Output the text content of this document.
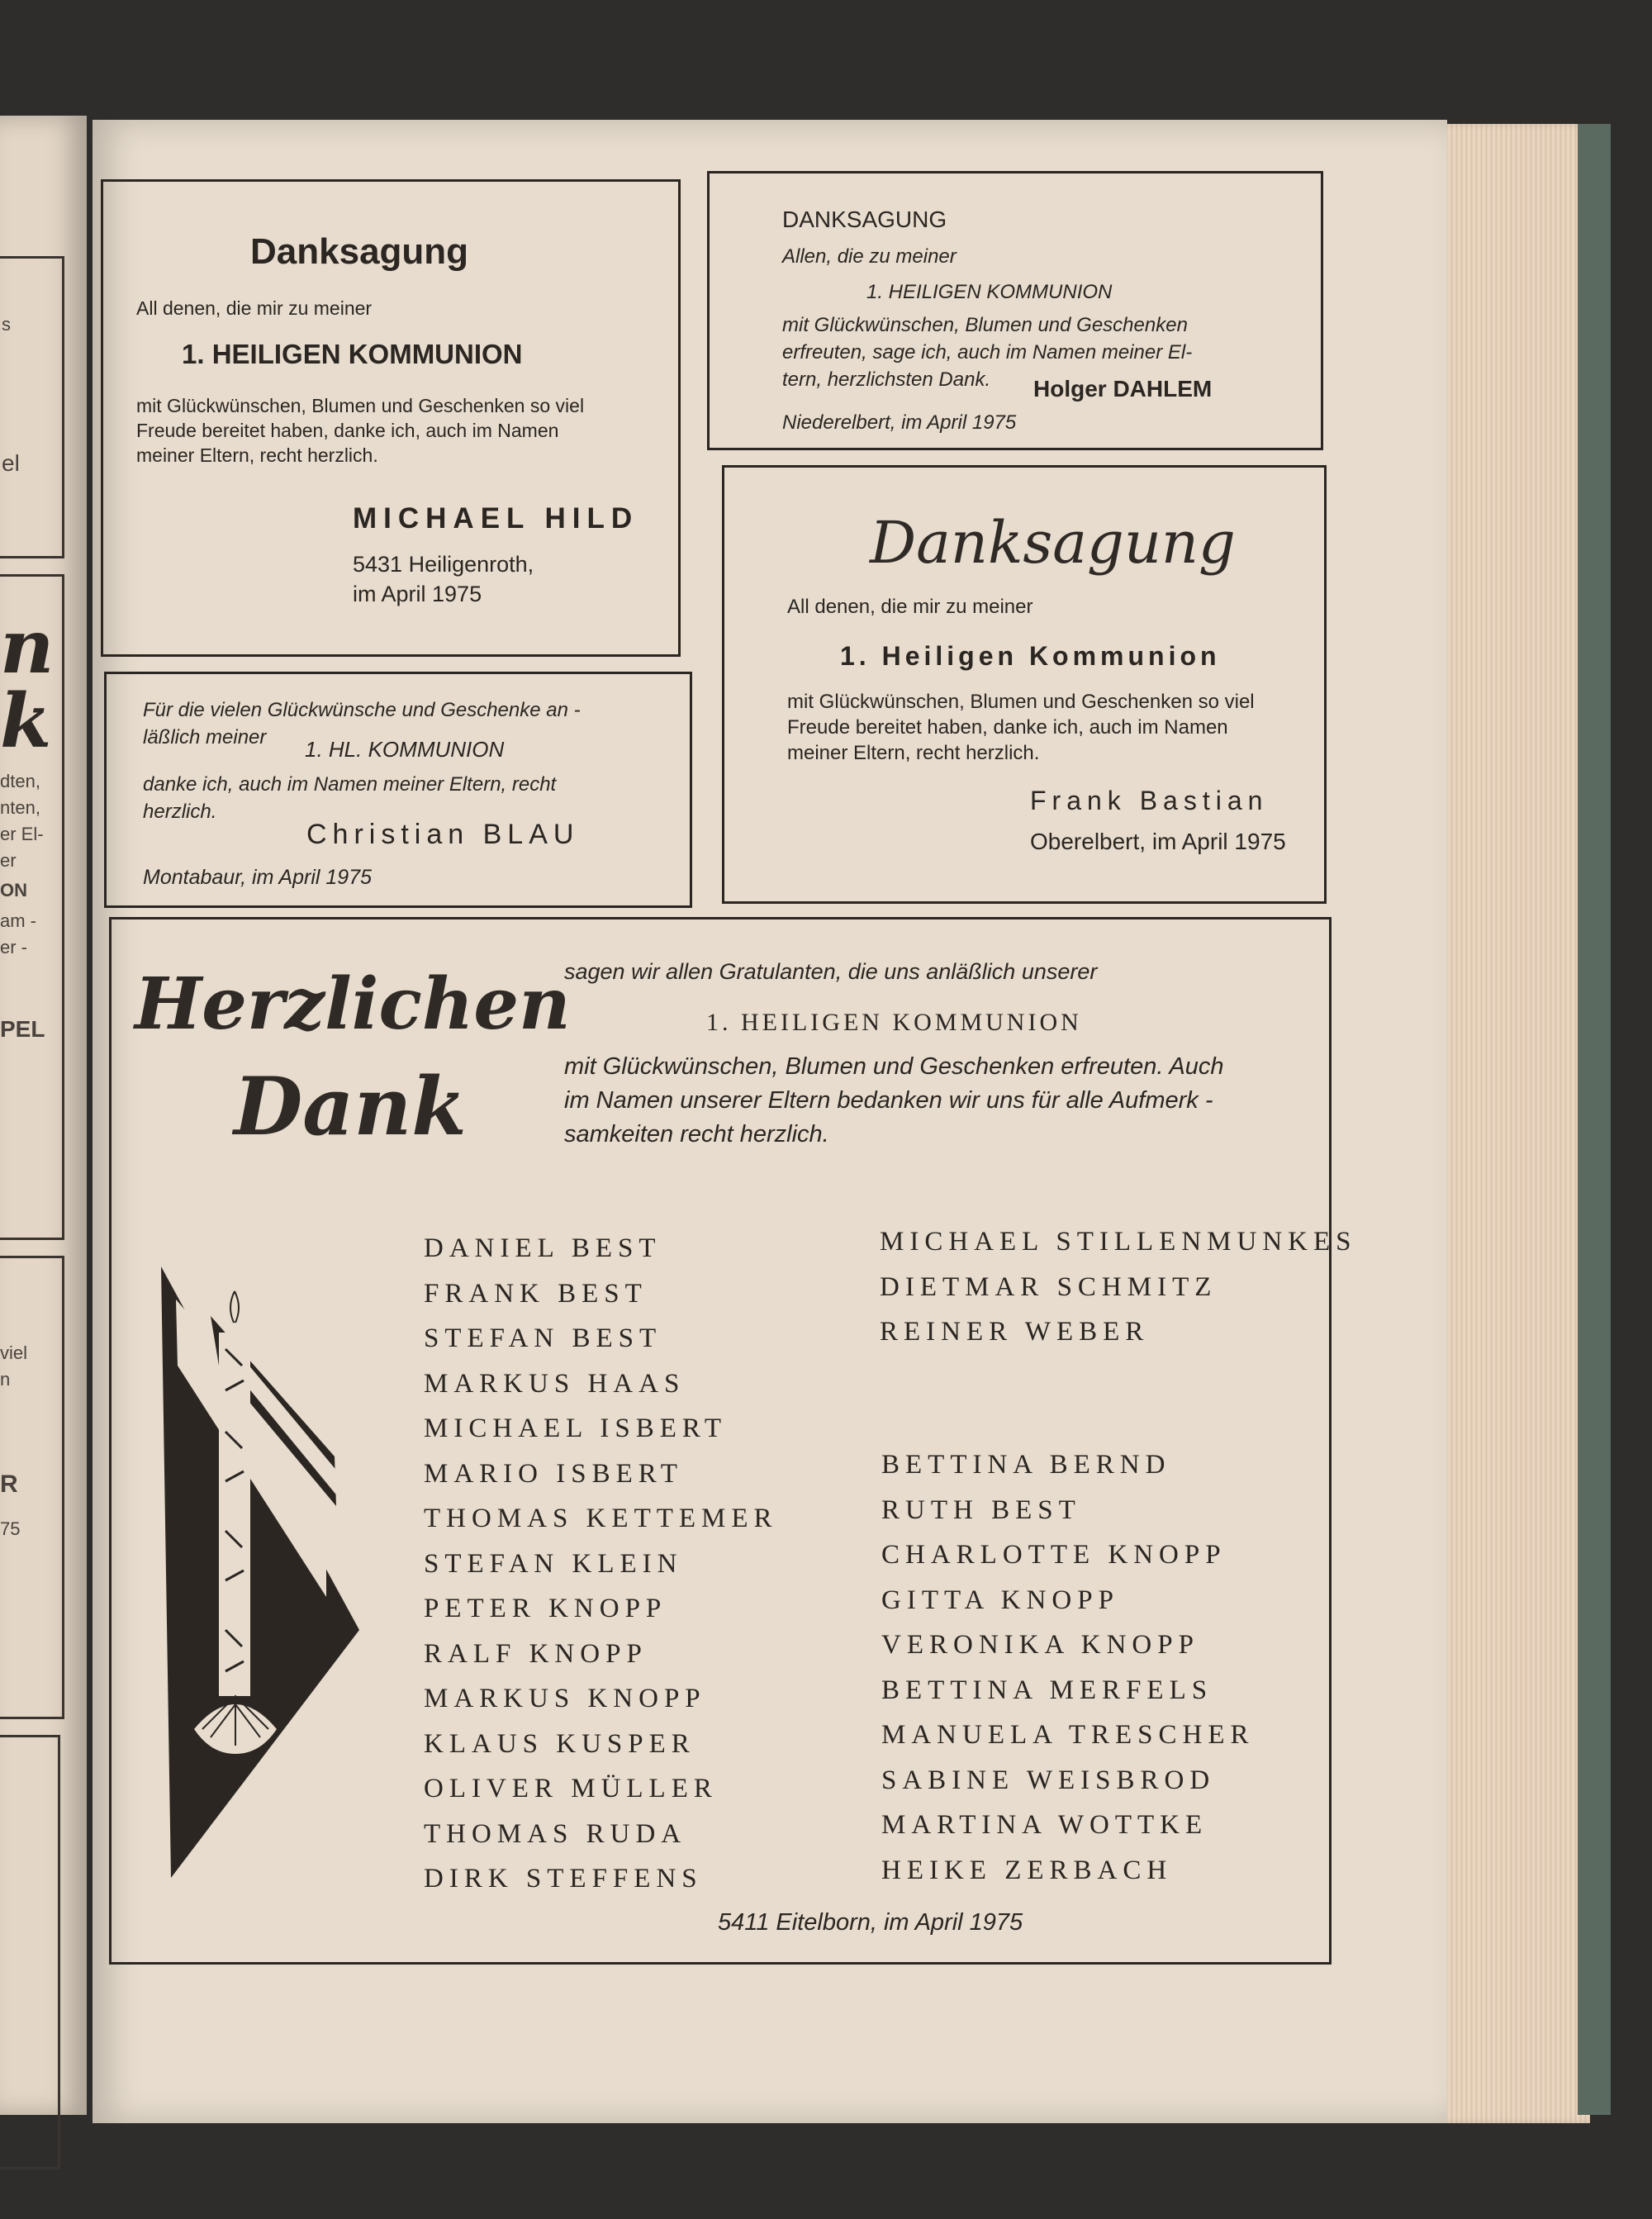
s
el
n
k
dten,
nten,
er El-
er
ON
am -
er -
PEL
viel
n
R
75
Danksagung
All denen, die mir zu meiner
1. HEILIGEN KOMMUNION
mit Glückwünschen, Blumen und Geschenken so viel
Freude bereitet haben, danke ich, auch im Namen
meiner Eltern, recht herzlich.
MICHAEL HILD
5431 Heiligenroth,
im April 1975
DANKSAGUNG
Allen, die zu meiner
1. HEILIGEN KOMMUNION
mit Glückwünschen, Blumen und Geschenken
erfreuten, sage ich, auch im Namen meiner El-
tern, herzlichsten Dank. Holger DAHLEM
Niederelbert, im April 1975
Danksagung
All denen, die mir zu meiner
1. Heiligen Kommunion
mit Glückwünschen, Blumen und Geschenken so viel
Freude bereitet haben, danke ich, auch im Namen
meiner Eltern, recht herzlich.
Frank Bastian
Oberelbert, im April 1975
Für die vielen Glückwünsche und Geschenke an -
läßlich meiner 1. HL. KOMMUNION
danke ich, auch im Namen meiner Eltern, recht
herzlich.
Christian BLAU
Montabaur, im April 1975
Herzlichen
Dank
sagen wir allen Gratulanten, die uns anläßlich unserer
1. HEILIGEN KOMMUNION
mit Glückwünschen, Blumen und Geschenken erfreuten. Auch
im Namen unserer Eltern bedanken wir uns für alle Aufmerk -
samkeiten recht herzlich.
DANIEL BEST
FRANK BEST
STEFAN BEST
MARKUS HAAS
MICHAEL ISBERT
MARIO ISBERT
THOMAS KETTEMER
STEFAN KLEIN
PETER KNOPP
RALF KNOPP
MARKUS KNOPP
KLAUS KUSPER
OLIVER MÜLLER
THOMAS RUDA
DIRK STEFFENS
MICHAEL STILLENMUNKES
DIETMAR SCHMITZ
REINER WEBER
BETTINA BERND
RUTH BEST
CHARLOTTE KNOPP
GITTA KNOPP
VERONIKA KNOPP
BETTINA MERFELS
MANUELA TRESCHER
SABINE WEISBROD
MARTINA WOTTKE
HEIKE ZERBACH
5411 Eitelborn, im April 1975
